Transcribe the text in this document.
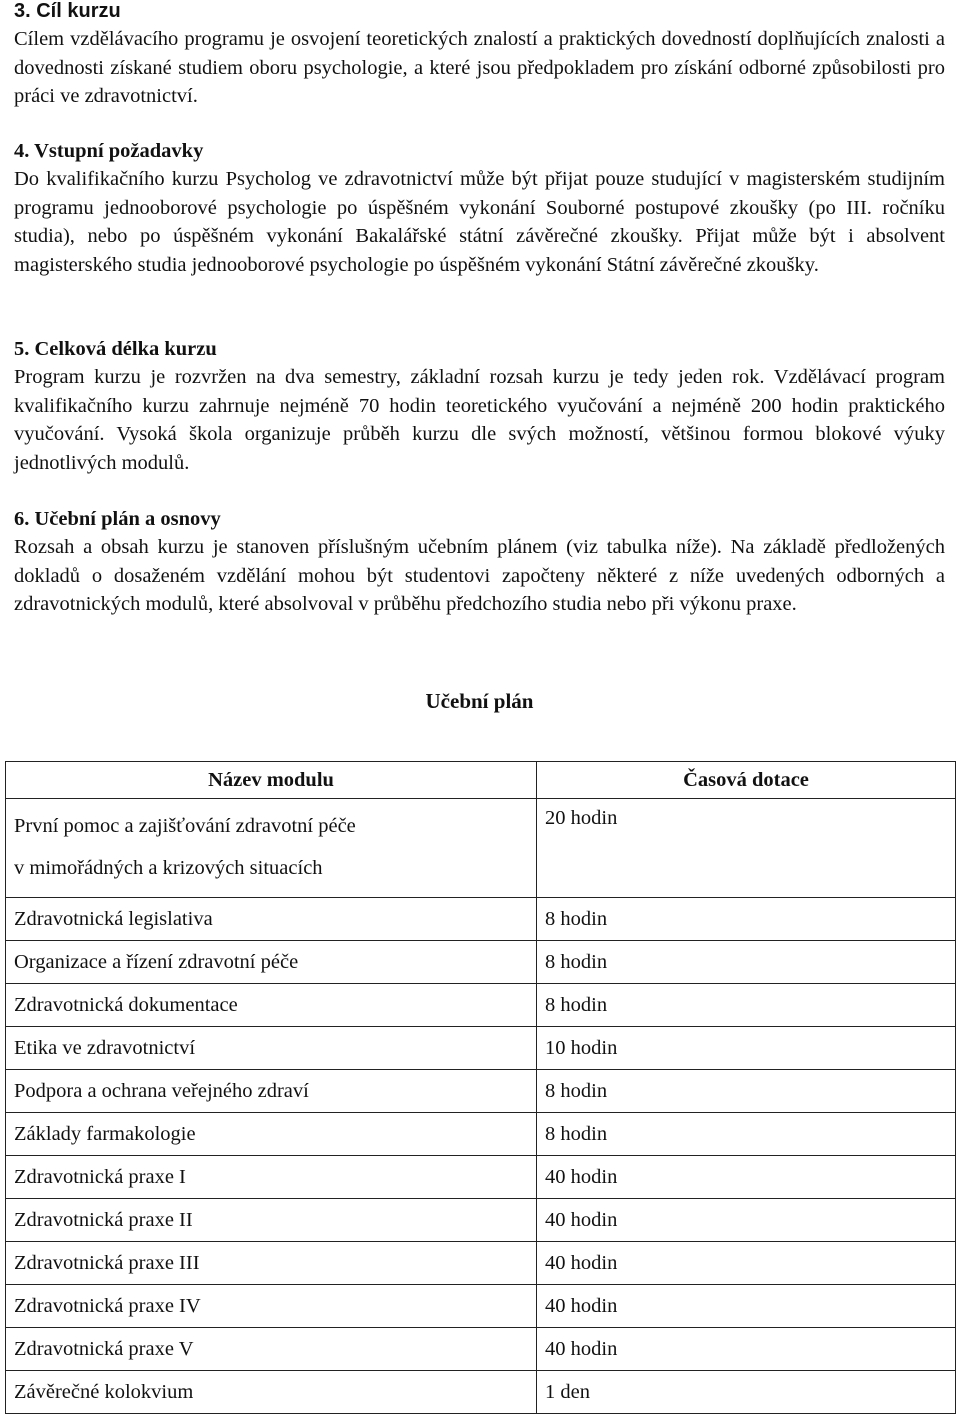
3. Cíl kurzu

Cílem vzdělávacího programu je osvojení teoretických znalostí a praktických dovedností doplňujících znalosti a dovednosti získané studiem oboru psychologie, a které jsou předpokladem pro získání odborné způsobilosti pro práci ve zdravotnictví.

4. Vstupní požadavky

Do kvalifikačního kurzu Psycholog ve zdravotnictví může být přijat pouze studující v magisterském studijním programu jednooborové psychologie po úspěšném vykonání Souborné postupové zkoušky (po III. ročníku studia), nebo po úspěšném vykonání Bakalářské státní závěrečné zkoušky. Přijat může být i absolvent magisterského studia jednooborové psychologie po úspěšném vykonání Státní závěrečné zkoušky.

5. Celková délka kurzu

Program kurzu je rozvržen na dva semestry, základní rozsah kurzu je tedy jeden rok. Vzdělávací program kvalifikačního kurzu zahrnuje nejméně 70 hodin teoretického vyučování a nejméně 200 hodin praktického vyučování. Vysoká škola organizuje průběh kurzu dle svých možností, většinou formou blokové výuky jednotlivých modulů.

6. Učební plán a osnovy

Rozsah a obsah kurzu je stanoven příslušným učebním plánem (viz tabulka níže). Na základě předložených dokladů o dosaženém vzdělání mohou být studentovi započteny některé z níže uvedených odborných a zdravotnických modulů, které absolvoval v průběhu předchozího studia nebo při výkonu praxe.

Učební plán

Název modulu	Časová dotace

První pomoc a zajišťování zdravotní péče
v mimořádných a krizových situacích	20 hodin
Zdravotnická legislativa	8 hodin
Organizace a řízení zdravotní péče	8 hodin
Zdravotnická dokumentace	8 hodin
Etika ve zdravotnictví	10 hodin
Podpora a ochrana veřejného zdraví	8 hodin
Základy farmakologie	8 hodin
Zdravotnická praxe I	40 hodin
Zdravotnická praxe II	40 hodin
Zdravotnická praxe III	40 hodin
Zdravotnická praxe IV	40 hodin
Zdravotnická praxe V	40 hodin
Závěrečné kolokvium	1 den
